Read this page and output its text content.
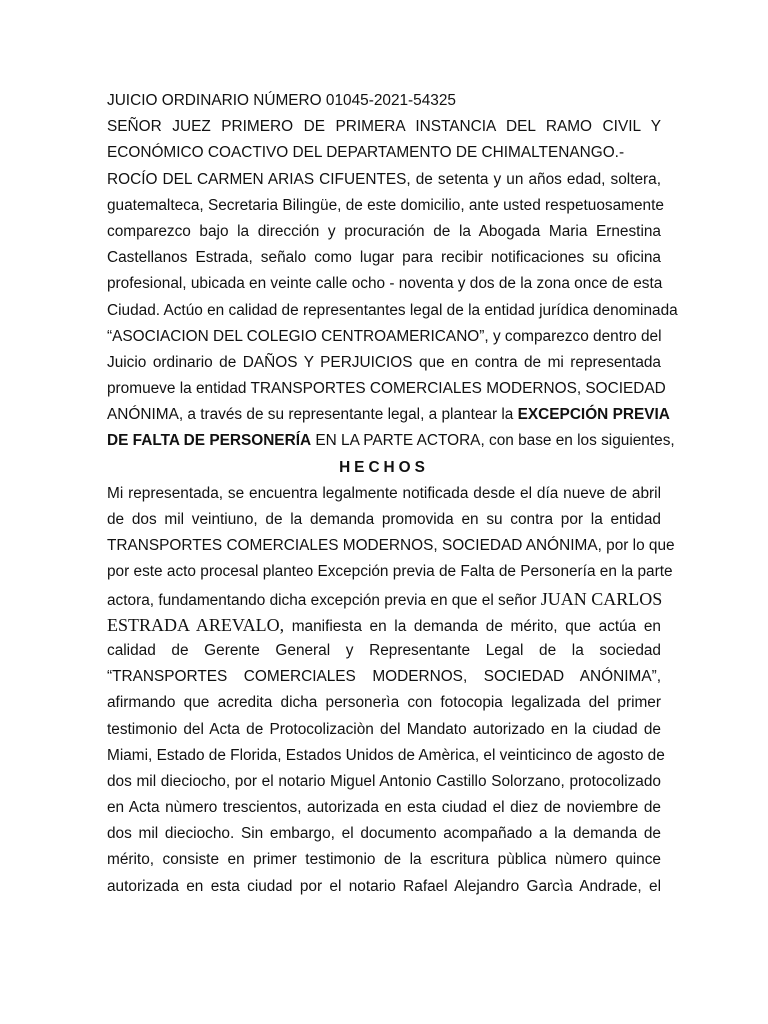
JUICIO ORDINARIO NÚMERO 01045-2021-54325
SEÑOR JUEZ PRIMERO DE PRIMERA INSTANCIA DEL RAMO CIVIL Y
ECONÓMICO COACTIVO DEL DEPARTAMENTO DE CHIMALTENANGO.-
ROCÍO DEL CARMEN ARIAS CIFUENTES, de setenta y un años edad, soltera,
guatemalteca, Secretaria Bilingüe, de este domicilio, ante usted respetuosamente
comparezco bajo la dirección y procuración de la Abogada Maria Ernestina
Castellanos Estrada, señalo como lugar para recibir notificaciones su oficina
profesional, ubicada en veinte calle ocho - noventa y dos de la zona once de esta
Ciudad. Actúo en calidad de representantes legal de la entidad jurídica denominada
“ASOCIACION DEL COLEGIO CENTROAMERICANO”, y comparezco dentro del
Juicio ordinario de DAÑOS Y PERJUICIOS que en contra de mi representada
promueve la entidad TRANSPORTES COMERCIALES MODERNOS, SOCIEDAD
ANÓNIMA, a través de su representante legal, a plantear la EXCEPCIÓN PREVIA
DE FALTA DE PERSONERÍA EN LA PARTE ACTORA, con base en los siguientes,
HECHOS
Mi representada, se encuentra legalmente notificada desde el día nueve de abril
de dos mil veintiuno, de la demanda promovida en su contra por la entidad
TRANSPORTES COMERCIALES MODERNOS, SOCIEDAD ANÓNIMA, por lo que
por este acto procesal planteo Excepción previa de Falta de Personería en la parte
actora, fundamentando dicha excepción previa en que el señor JUAN CARLOS
ESTRADA AREVALO, manifiesta en la demanda de mérito, que actúa en
calidad de Gerente General y Representante Legal de la sociedad
“TRANSPORTES COMERCIALES MODERNOS, SOCIEDAD ANÓNIMA”,
afirmando que acredita dicha personerìa con fotocopia legalizada del primer
testimonio del Acta de Protocolizaciòn del Mandato autorizado en la ciudad de
Miami, Estado de Florida, Estados Unidos de Amèrica, el veinticinco de agosto de
dos mil dieciocho, por el notario Miguel Antonio Castillo Solorzano, protocolizado
en Acta nùmero trescientos, autorizada en esta ciudad el diez de noviembre de
dos mil dieciocho. Sin embargo, el documento acompañado a la demanda de
mérito, consiste en primer testimonio de la escritura pùblica nùmero quince
autorizada en esta ciudad por el notario Rafael Alejandro Garcìa Andrade, el
